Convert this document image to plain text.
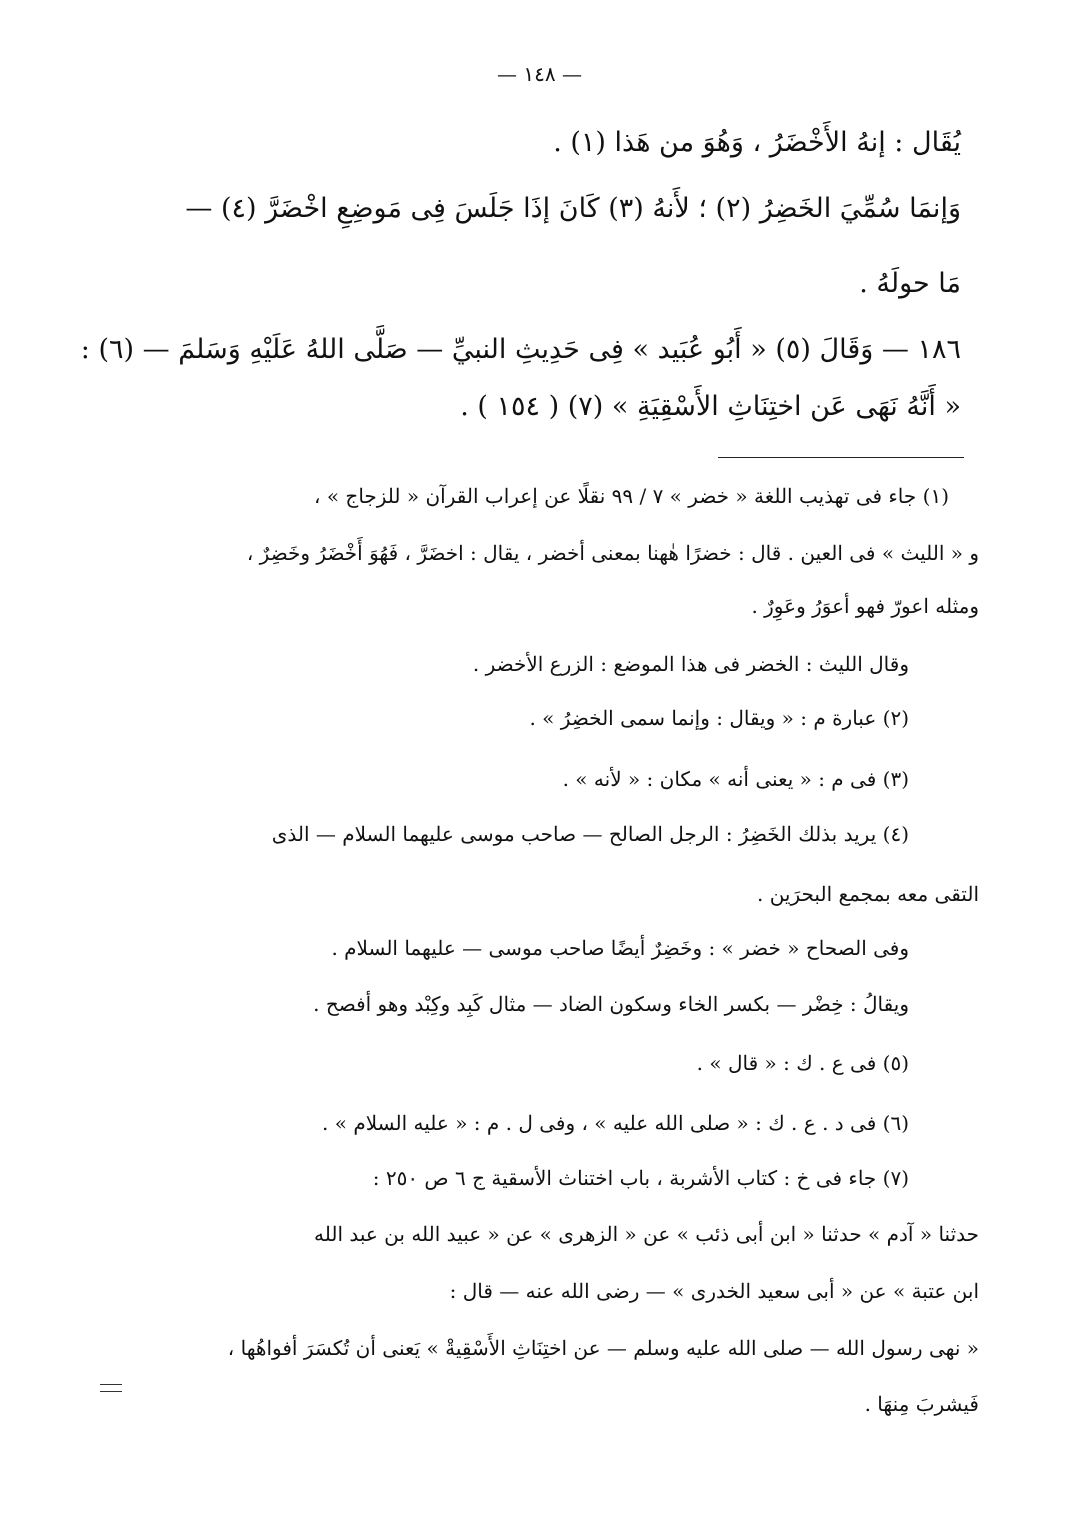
— ١٤٨ —
يُقَال : إنهُ الأَخْضَرُ ، وَهُوَ من هَذا (١) .
وَإنمَا سُمِّيَ الخَضِرُ (٢) ؛ لأَنهُ (٣) كَانَ إذَا جَلَسَ فِى مَوضِعِ اخْضَرَّ (٤) —
مَا حولَهُ .
١٨٦ — وَقَالَ (٥) « أَبُو عُبَيد » فِى حَدِيثِ النبيِّ — صَلَّى اللهُ عَلَيْهِ وَسَلمَ — (٦) :
« أَنَّهُ نَهَى عَن اختِنَاثِ الأَسْقِيَةِ » (٧) ( ١٥٤ ) .
(١) جاء فى تهذيب اللغة « خضر » ٧ / ٩٩ نقلًا عن إعراب القرآن « للزجاج » ،
و « الليث » فى العين . قال : خضرًا هٰهنا بمعنى أخضر ، يقال : اخضَرَّ ، فَهُوَ أَخْضَرُ وخَضِرٌ ،
ومثله اعورّ فهو أعوَرُ وعَوِرٌ .
وقال الليث : الخضر فى هذا الموضع : الزرع الأخضر .
(٢) عبارة م : « ويقال : وإنما سمى الخضِرُ » .
(٣) فى م : « يعنى أنه » مكان : « لأنه » .
(٤) يريد بذلك الخَضِرُ : الرجل الصالح — صاحب موسى عليهما السلام — الذى
التقى معه بمجمع البحرَين .
وفى الصحاح « خضر » : وخَضِرٌ أيضًا صاحب موسى — عليهما السلام .
ويقالُ : خِضْر — بكسر الخاء وسكون الضاد — مثال كَبِد وكِبْد وهو أفصح .
(٥) فى ع . ك : « قال » .
(٦) فى د . ع . ك : « صلى الله عليه » ، وفى ل . م : « عليه السلام » .
(٧) جاء فى خ : كتاب الأشربة ، باب اختناث الأسقية ج ٦ ص ٢٥٠ :
حدثنا « آدم » حدثنا « ابن أبى ذئب » عن « الزهرى » عن « عبيد الله بن عبد الله
ابن عتبة » عن « أبى سعيد الخدرى » — رضى الله عنه — قال :
« نهى رسول الله — صلى الله عليه وسلم — عن اختِنَاثِ الأَسْقِيةْ » يَعنى أن تُكسَرَ أفواهُها ،
فَيشربَ مِنهَا .
